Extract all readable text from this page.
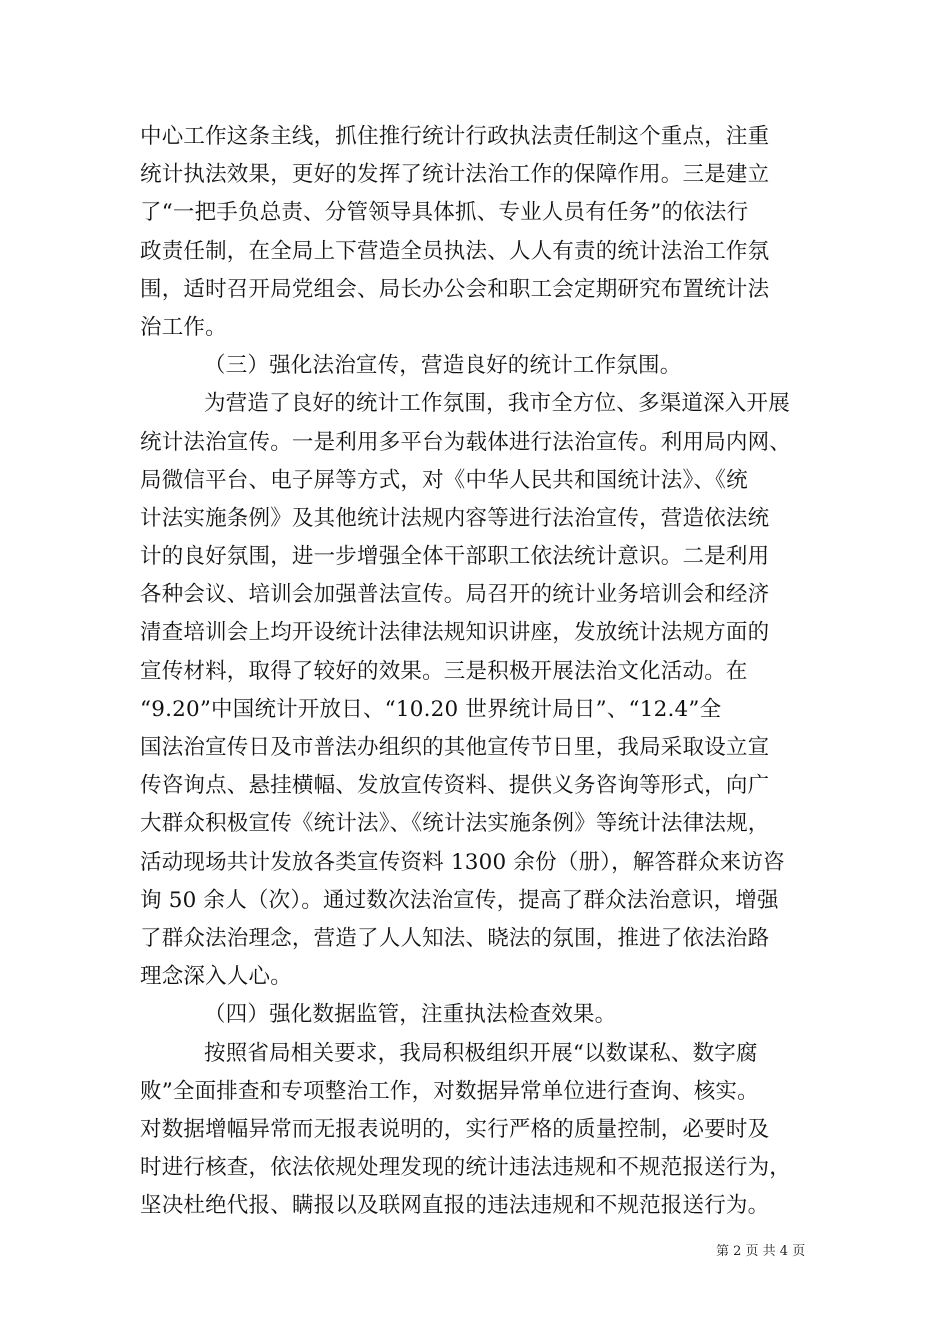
中心工作这条主线，抓住推行统计行政执法责任制这个重点，注重
统计执法效果，更好的发挥了统计法治工作的保障作用。三是建立
了“一把手负总责、分管领导具体抓、专业人员有任务”的依法行
政责任制，在全局上下营造全员执法、人人有责的统计法治工作氛
围，适时召开局党组会、局长办公会和职工会定期研究布置统计法
治工作。
（三）强化法治宣传，营造良好的统计工作氛围。
为营造了良好的统计工作氛围，我市全方位、多渠道深入开展
统计法治宣传。一是利用多平台为载体进行法治宣传。利用局内网、
局微信平台、电子屏等方式，对《中华人民共和国统计法》、《统
计法实施条例》及其他统计法规内容等进行法治宣传，营造依法统
计的良好氛围，进一步增强全体干部职工依法统计意识。二是利用
各种会议、培训会加强普法宣传。局召开的统计业务培训会和经济
清查培训会上均开设统计法律法规知识讲座，发放统计法规方面的
宣传材料，取得了较好的效果。三是积极开展法治文化活动。在
“9.20”中国统计开放日、“10.20 世界统计局日”、“12.4”全
国法治宣传日及市普法办组织的其他宣传节日里，我局采取设立宣
传咨询点、悬挂横幅、发放宣传资料、提供义务咨询等形式，向广
大群众积极宣传《统计法》、《统计法实施条例》等统计法律法规，
活动现场共计发放各类宣传资料 1300 余份（册），解答群众来访咨
询 50 余人（次）。通过数次法治宣传，提高了群众法治意识，增强
了群众法治理念，营造了人人知法、晓法的氛围，推进了依法治路
理念深入人心。
（四）强化数据监管，注重执法检查效果。
按照省局相关要求，我局积极组织开展“以数谋私、数字腐
败”全面排查和专项整治工作，对数据异常单位进行查询、核实。
对数据增幅异常而无报表说明的，实行严格的质量控制，必要时及
时进行核查，依法依规处理发现的统计违法违规和不规范报送行为，
坚决杜绝代报、瞒报以及联网直报的违法违规和不规范报送行为。
第 2 页 共 4 页
